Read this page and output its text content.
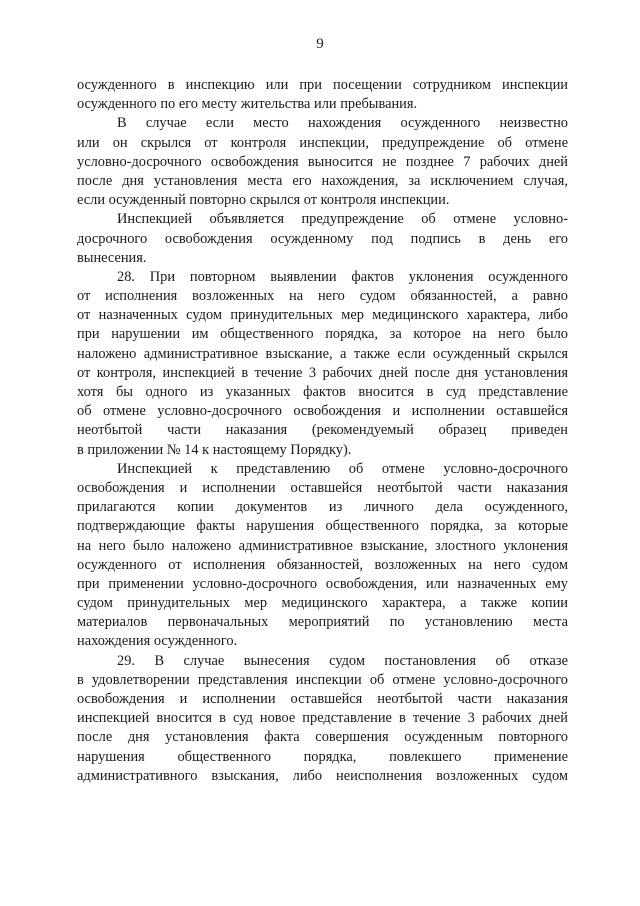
9
осужденного в инспекцию или при посещении сотрудником инспекции
осужденного по его месту жительства или пребывания.
В случае если место нахождения осужденного неизвестно
или он скрылся от контроля инспекции, предупреждение об отмене
условно-досрочного освобождения выносится не позднее 7 рабочих дней
после дня установления места его нахождения, за исключением случая,
если осужденный повторно скрылся от контроля инспекции.
Инспекцией объявляется предупреждение об отмене условно-
досрочного освобождения осужденному под подпись в день его
вынесения.
28. При повторном выявлении фактов уклонения осужденного
от исполнения возложенных на него судом обязанностей, а равно
от назначенных судом принудительных мер медицинского характера, либо
при нарушении им общественного порядка, за которое на него было
наложено административное взыскание, а также если осужденный скрылся
от контроля, инспекцией в течение 3 рабочих дней после дня установления
хотя бы одного из указанных фактов вносится в суд представление
об отмене условно-досрочного освобождения и исполнении оставшейся
неотбытой части наказания (рекомендуемый образец приведен
в приложении № 14 к настоящему Порядку).
Инспекцией к представлению об отмене условно-досрочного
освобождения и исполнении оставшейся неотбытой части наказания
прилагаются копии документов из личного дела осужденного,
подтверждающие факты нарушения общественного порядка, за которые
на него было наложено административное взыскание, злостного уклонения
осужденного от исполнения обязанностей, возложенных на него судом
при применении условно-досрочного освобождения, или назначенных ему
судом принудительных мер медицинского характера, а также копии
материалов первоначальных мероприятий по установлению места
нахождения осужденного.
29. В случае вынесения судом постановления об отказе
в удовлетворении представления инспекции об отмене условно-досрочного
освобождения и исполнении оставшейся неотбытой части наказания
инспекцией вносится в суд новое представление в течение 3 рабочих дней
после дня установления факта совершения осужденным повторного
нарушения общественного порядка, повлекшего применение
административного взыскания, либо неисполнения возложенных судом
